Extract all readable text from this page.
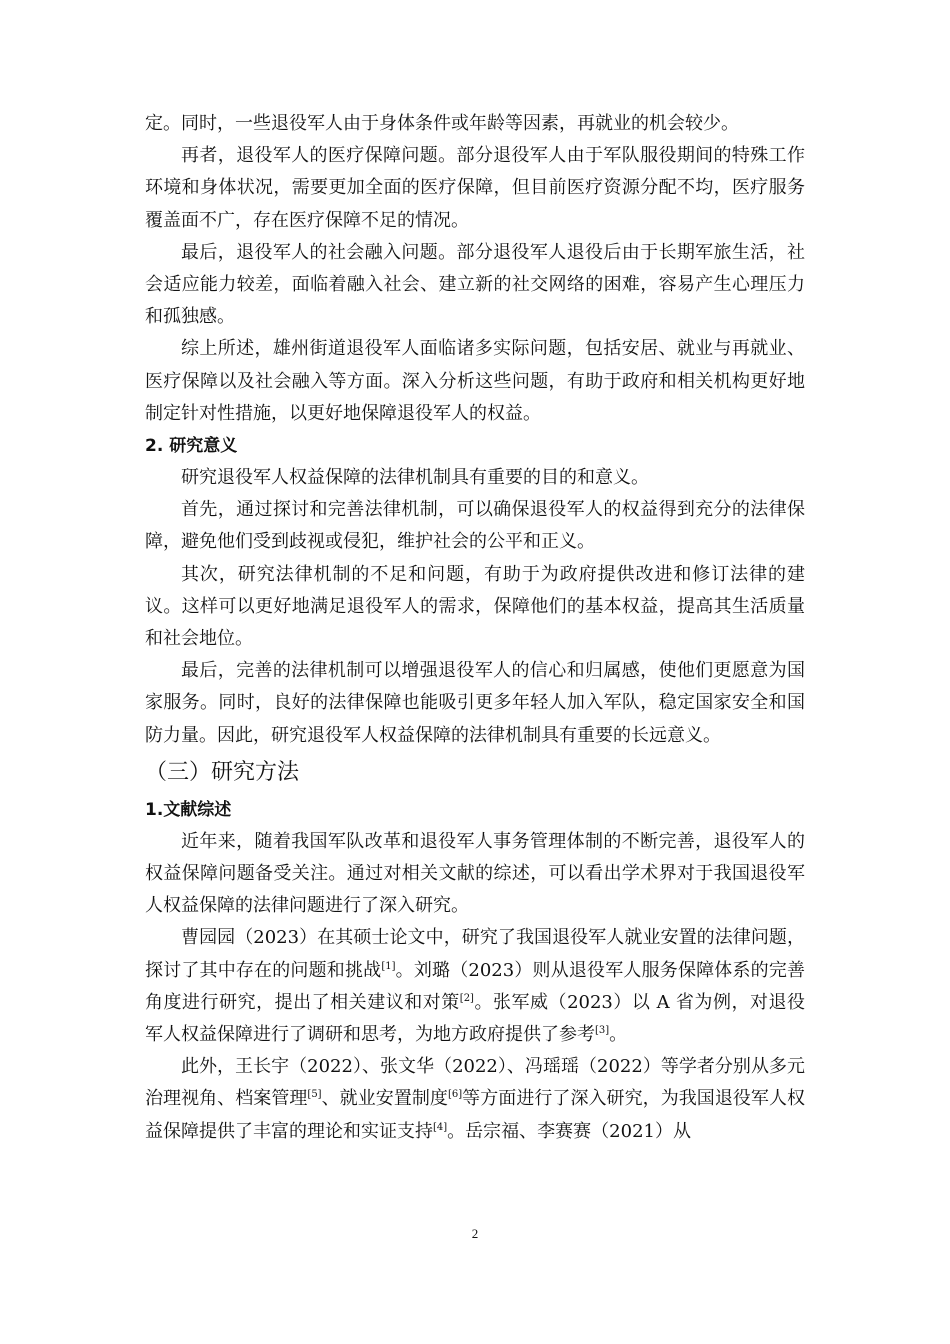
定。同时，一些退役军人由于身体条件或年龄等因素，再就业的机会较少。

再者，退役军人的医疗保障问题。部分退役军人由于军队服役期间的特殊工作环境和身体状况，需要更加全面的医疗保障，但目前医疗资源分配不均，医疗服务覆盖面不广，存在医疗保障不足的情况。

最后，退役军人的社会融入问题。部分退役军人退役后由于长期军旅生活，社会适应能力较差，面临着融入社会、建立新的社交网络的困难，容易产生心理压力和孤独感。

综上所述，雄州街道退役军人面临诸多实际问题，包括安居、就业与再就业、医疗保障以及社会融入等方面。深入分析这些问题，有助于政府和相关机构更好地制定针对性措施，以更好地保障退役军人的权益。

2. 研究意义

研究退役军人权益保障的法律机制具有重要的目的和意义。

首先，通过探讨和完善法律机制，可以确保退役军人的权益得到充分的法律保障，避免他们受到歧视或侵犯，维护社会的公平和正义。

其次，研究法律机制的不足和问题，有助于为政府提供改进和修订法律的建议。这样可以更好地满足退役军人的需求，保障他们的基本权益，提高其生活质量和社会地位。

最后，完善的法律机制可以增强退役军人的信心和归属感，使他们更愿意为国家服务。同时，良好的法律保障也能吸引更多年轻人加入军队，稳定国家安全和国防力量。因此，研究退役军人权益保障的法律机制具有重要的长远意义。

（三）研究方法

1.文献综述

近年来，随着我国军队改革和退役军人事务管理体制的不断完善，退役军人的权益保障问题备受关注。通过对相关文献的综述，可以看出学术界对于我国退役军人权益保障的法律问题进行了深入研究。

曹园园（2023）在其硕士论文中，研究了我国退役军人就业安置的法律问题，探讨了其中存在的问题和挑战[1]。刘璐（2023）则从退役军人服务保障体系的完善角度进行研究，提出了相关建议和对策[2]。张军威（2023）以 A 省为例，对退役军人权益保障进行了调研和思考，为地方政府提供了参考[3]。

此外，王长宇（2022）、张文华（2022）、冯瑶瑶（2022）等学者分别从多元治理视角、档案管理[5]、就业安置制度[6]等方面进行了深入研究，为我国退役军人权益保障提供了丰富的理论和实证支持[4]。岳宗福、李赛赛（2021）从

2
